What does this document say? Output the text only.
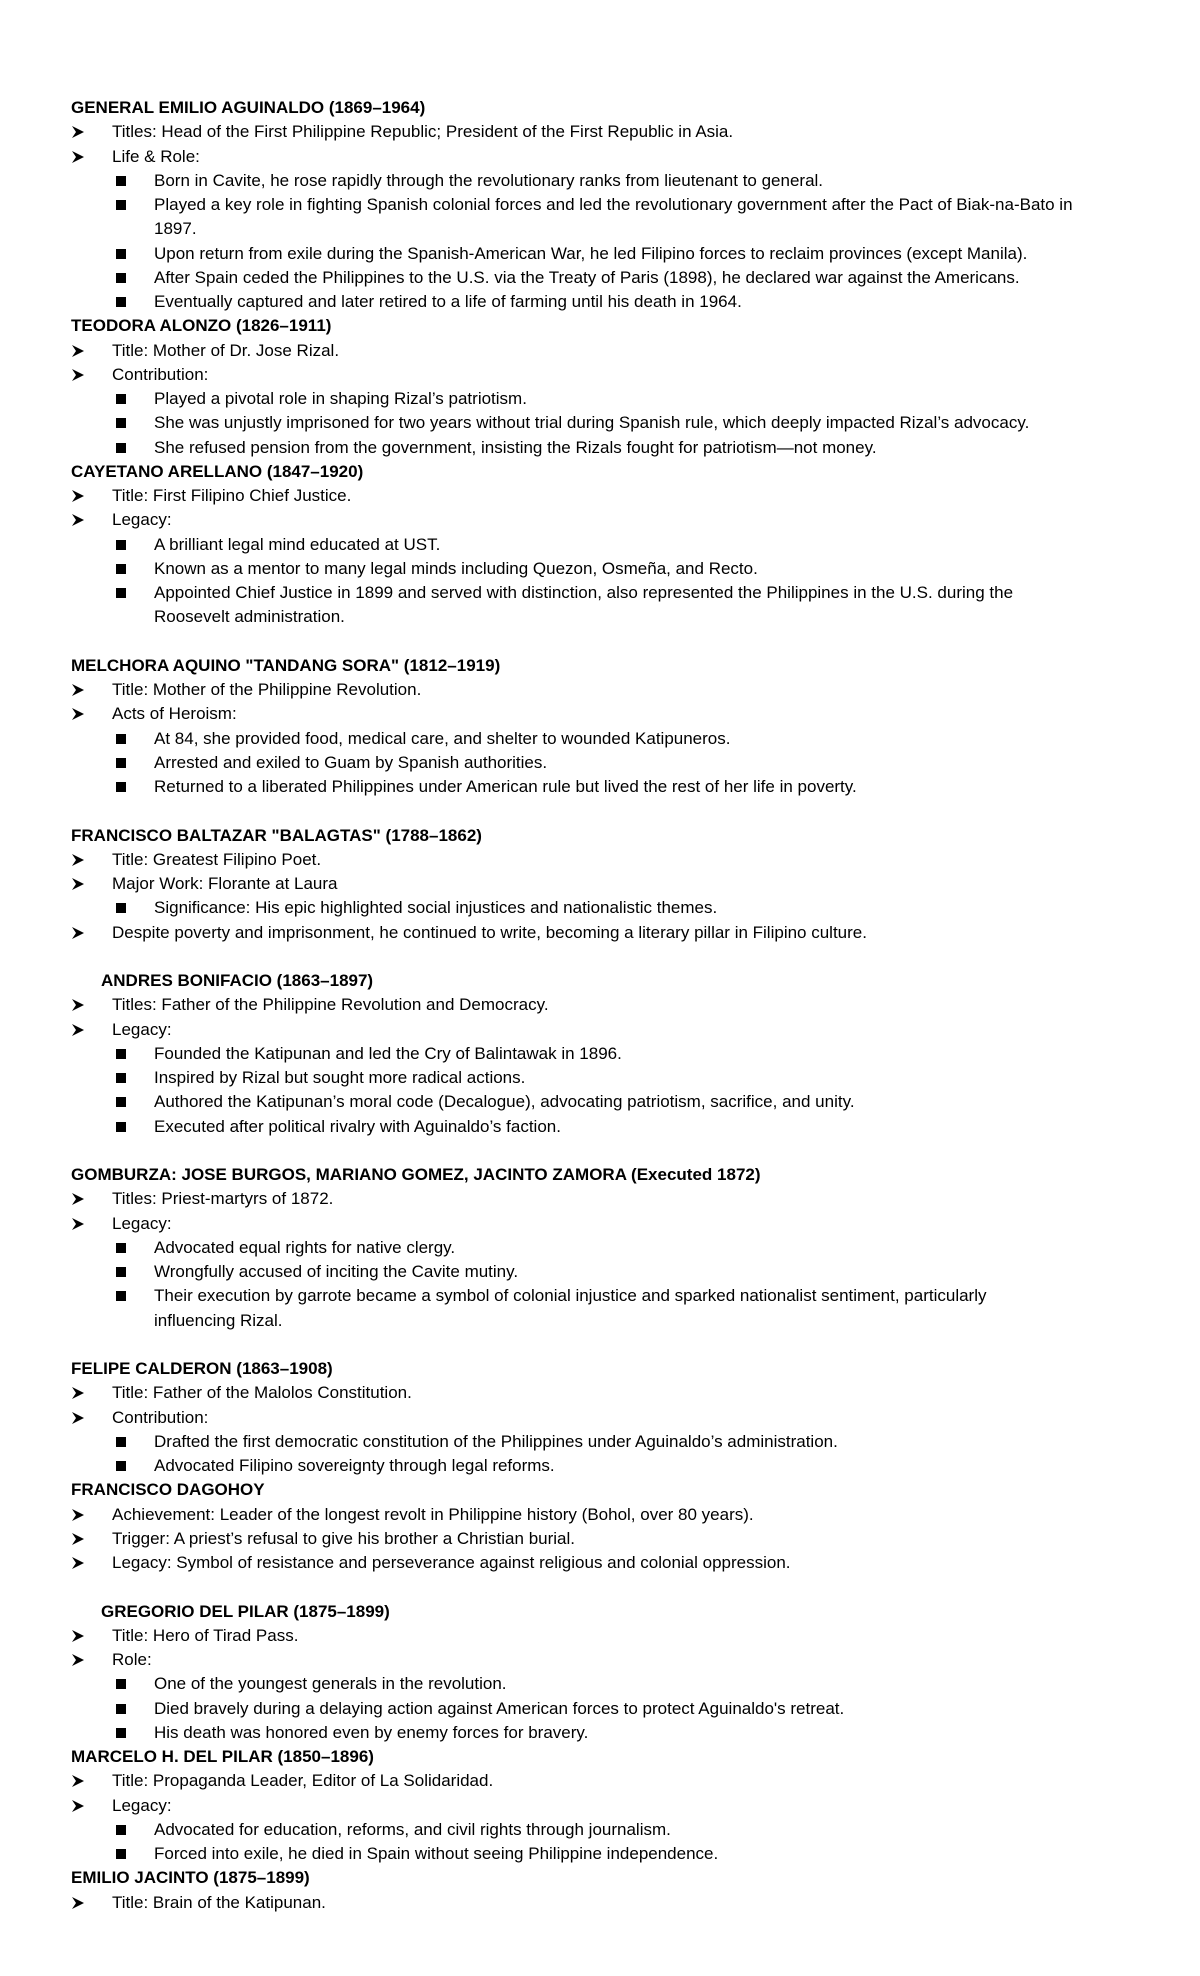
GENERAL EMILIO AGUINALDO (1869–1964)
Titles: Head of the First Philippine Republic; President of the First Republic in Asia.
Life & Role:
Born in Cavite, he rose rapidly through the revolutionary ranks from lieutenant to general.
Played a key role in fighting Spanish colonial forces and led the revolutionary government after the Pact of Biak-na-Bato in
1897.
Upon return from exile during the Spanish-American War, he led Filipino forces to reclaim provinces (except Manila).
After Spain ceded the Philippines to the U.S. via the Treaty of Paris (1898), he declared war against the Americans.
Eventually captured and later retired to a life of farming until his death in 1964.
TEODORA ALONZO (1826–1911)
Title: Mother of Dr. Jose Rizal.
Contribution:
Played a pivotal role in shaping Rizal’s patriotism.
She was unjustly imprisoned for two years without trial during Spanish rule, which deeply impacted Rizal’s advocacy.
She refused pension from the government, insisting the Rizals fought for patriotism—not money.
CAYETANO ARELLANO (1847–1920)
Title: First Filipino Chief Justice.
Legacy:
A brilliant legal mind educated at UST.
Known as a mentor to many legal minds including Quezon, Osmeña, and Recto.
Appointed Chief Justice in 1899 and served with distinction, also represented the Philippines in the U.S. during the
Roosevelt administration.
MELCHORA AQUINO "TANDANG SORA" (1812–1919)
Title: Mother of the Philippine Revolution.
Acts of Heroism:
At 84, she provided food, medical care, and shelter to wounded Katipuneros.
Arrested and exiled to Guam by Spanish authorities.
Returned to a liberated Philippines under American rule but lived the rest of her life in poverty.
FRANCISCO BALTAZAR "BALAGTAS" (1788–1862)
Title: Greatest Filipino Poet.
Major Work: Florante at Laura
Significance: His epic highlighted social injustices and nationalistic themes.
Despite poverty and imprisonment, he continued to write, becoming a literary pillar in Filipino culture.
ANDRES BONIFACIO (1863–1897)
Titles: Father of the Philippine Revolution and Democracy.
Legacy:
Founded the Katipunan and led the Cry of Balintawak in 1896.
Inspired by Rizal but sought more radical actions.
Authored the Katipunan’s moral code (Decalogue), advocating patriotism, sacrifice, and unity.
Executed after political rivalry with Aguinaldo’s faction.
GOMBURZA: JOSE BURGOS, MARIANO GOMEZ, JACINTO ZAMORA (Executed 1872)
Titles: Priest-martyrs of 1872.
Legacy:
Advocated equal rights for native clergy.
Wrongfully accused of inciting the Cavite mutiny.
Their execution by garrote became a symbol of colonial injustice and sparked nationalist sentiment, particularly
influencing Rizal.
FELIPE CALDERON (1863–1908)
Title: Father of the Malolos Constitution.
Contribution:
Drafted the first democratic constitution of the Philippines under Aguinaldo’s administration.
Advocated Filipino sovereignty through legal reforms.
FRANCISCO DAGOHOY
Achievement: Leader of the longest revolt in Philippine history (Bohol, over 80 years).
Trigger: A priest’s refusal to give his brother a Christian burial.
Legacy: Symbol of resistance and perseverance against religious and colonial oppression.
GREGORIO DEL PILAR (1875–1899)
Title: Hero of Tirad Pass.
Role:
One of the youngest generals in the revolution.
Died bravely during a delaying action against American forces to protect Aguinaldo's retreat.
His death was honored even by enemy forces for bravery.
MARCELO H. DEL PILAR (1850–1896)
Title: Propaganda Leader, Editor of La Solidaridad.
Legacy:
Advocated for education, reforms, and civil rights through journalism.
Forced into exile, he died in Spain without seeing Philippine independence.
EMILIO JACINTO (1875–1899)
Title: Brain of the Katipunan.
